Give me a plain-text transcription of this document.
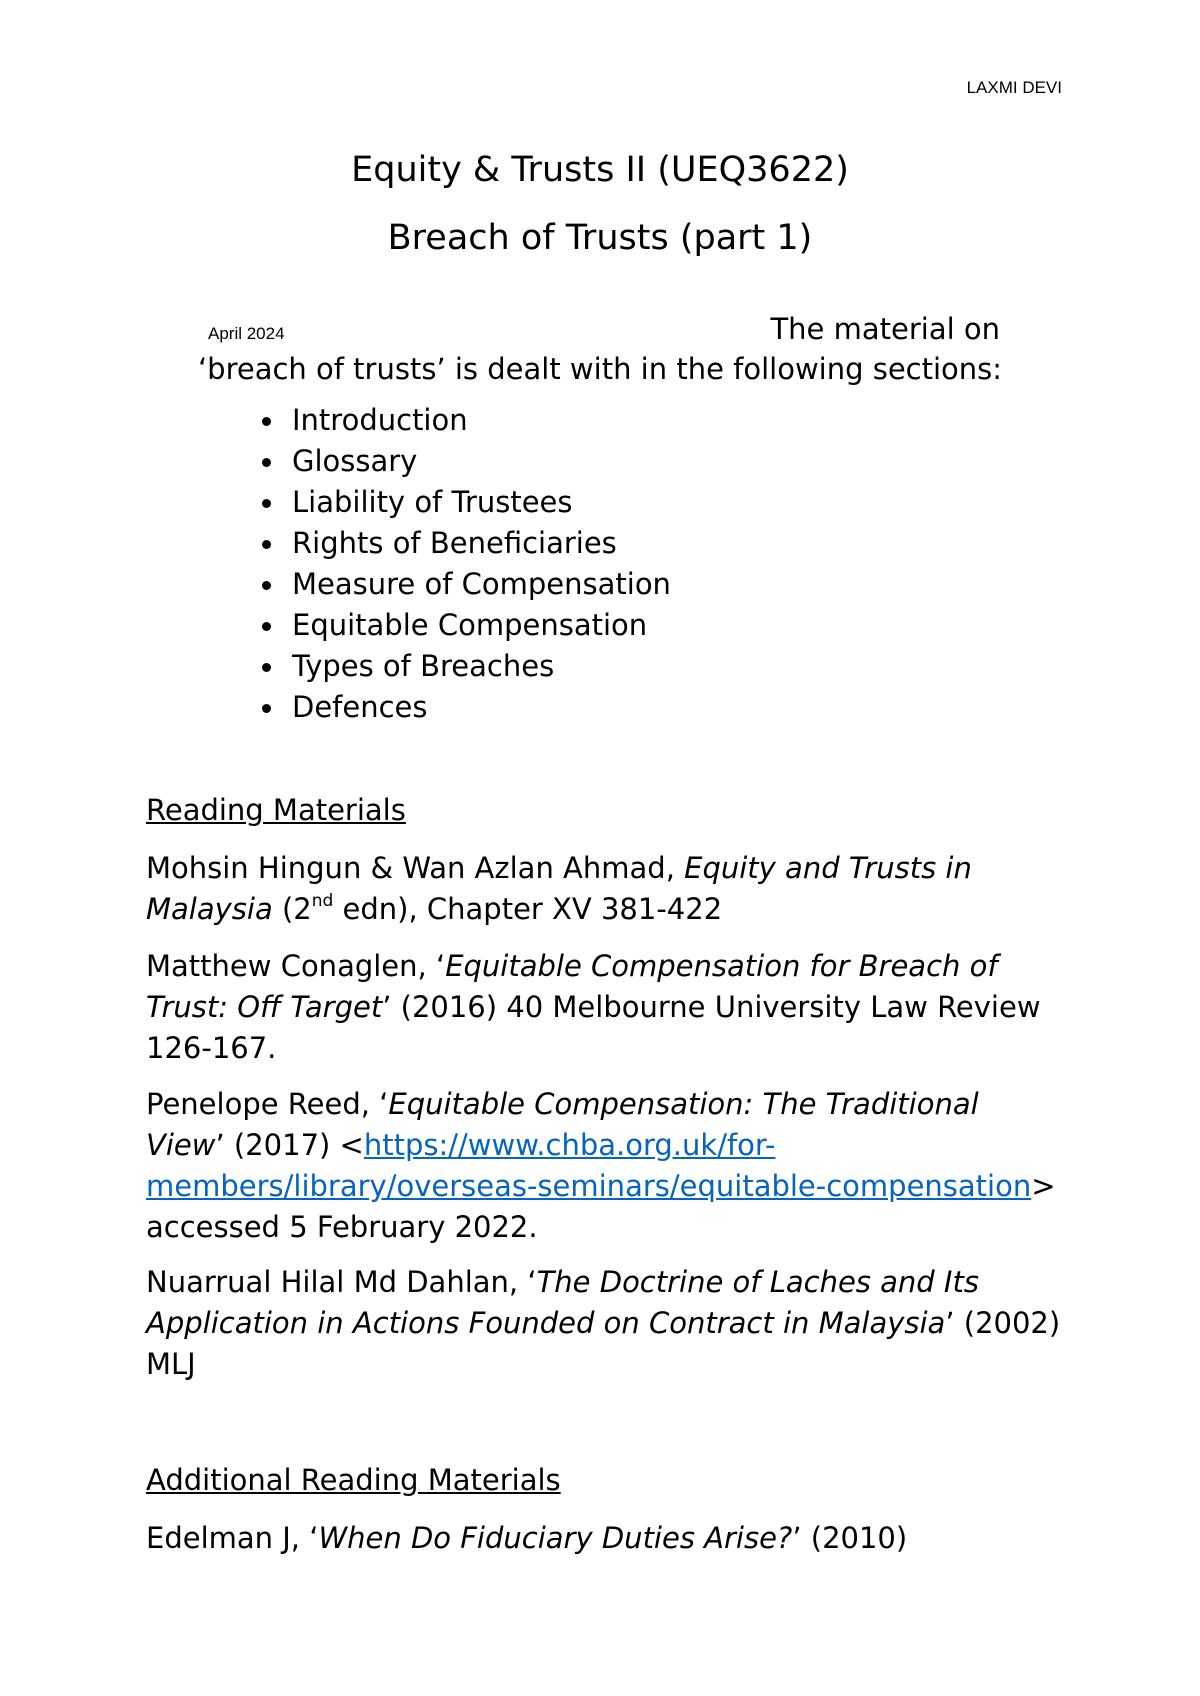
LAXMI DEVI
Equity & Trusts II (UEQ3622)
Breach of Trusts (part 1)
April 2024	The material on
‘breach of trusts’ is dealt with in the following sections:
Introduction
Glossary
Liability of Trustees
Rights of Beneficiaries
Measure of Compensation
Equitable Compensation
Types of Breaches
Defences
Reading Materials

Mohsin Hingun & Wan Azlan Ahmad, Equity and Trusts in Malaysia (2nd edn), Chapter XV 381-422

Matthew Conaglen, ‘Equitable Compensation for Breach of Trust: Off Target’ (2016) 40 Melbourne University Law Review 126-167.

Penelope Reed, ‘Equitable Compensation: The Traditional View’ (2017) <https://www.chba.org.uk/for-members/library/overseas-seminars/equitable-compensation> accessed 5 February 2022.

Nuarrual Hilal Md Dahlan, ‘The Doctrine of Laches and Its Application in Actions Founded on Contract in Malaysia’ (2002) MLJ

Additional Reading Materials

Edelman J, ‘When Do Fiduciary Duties Arise?’ (2010)
